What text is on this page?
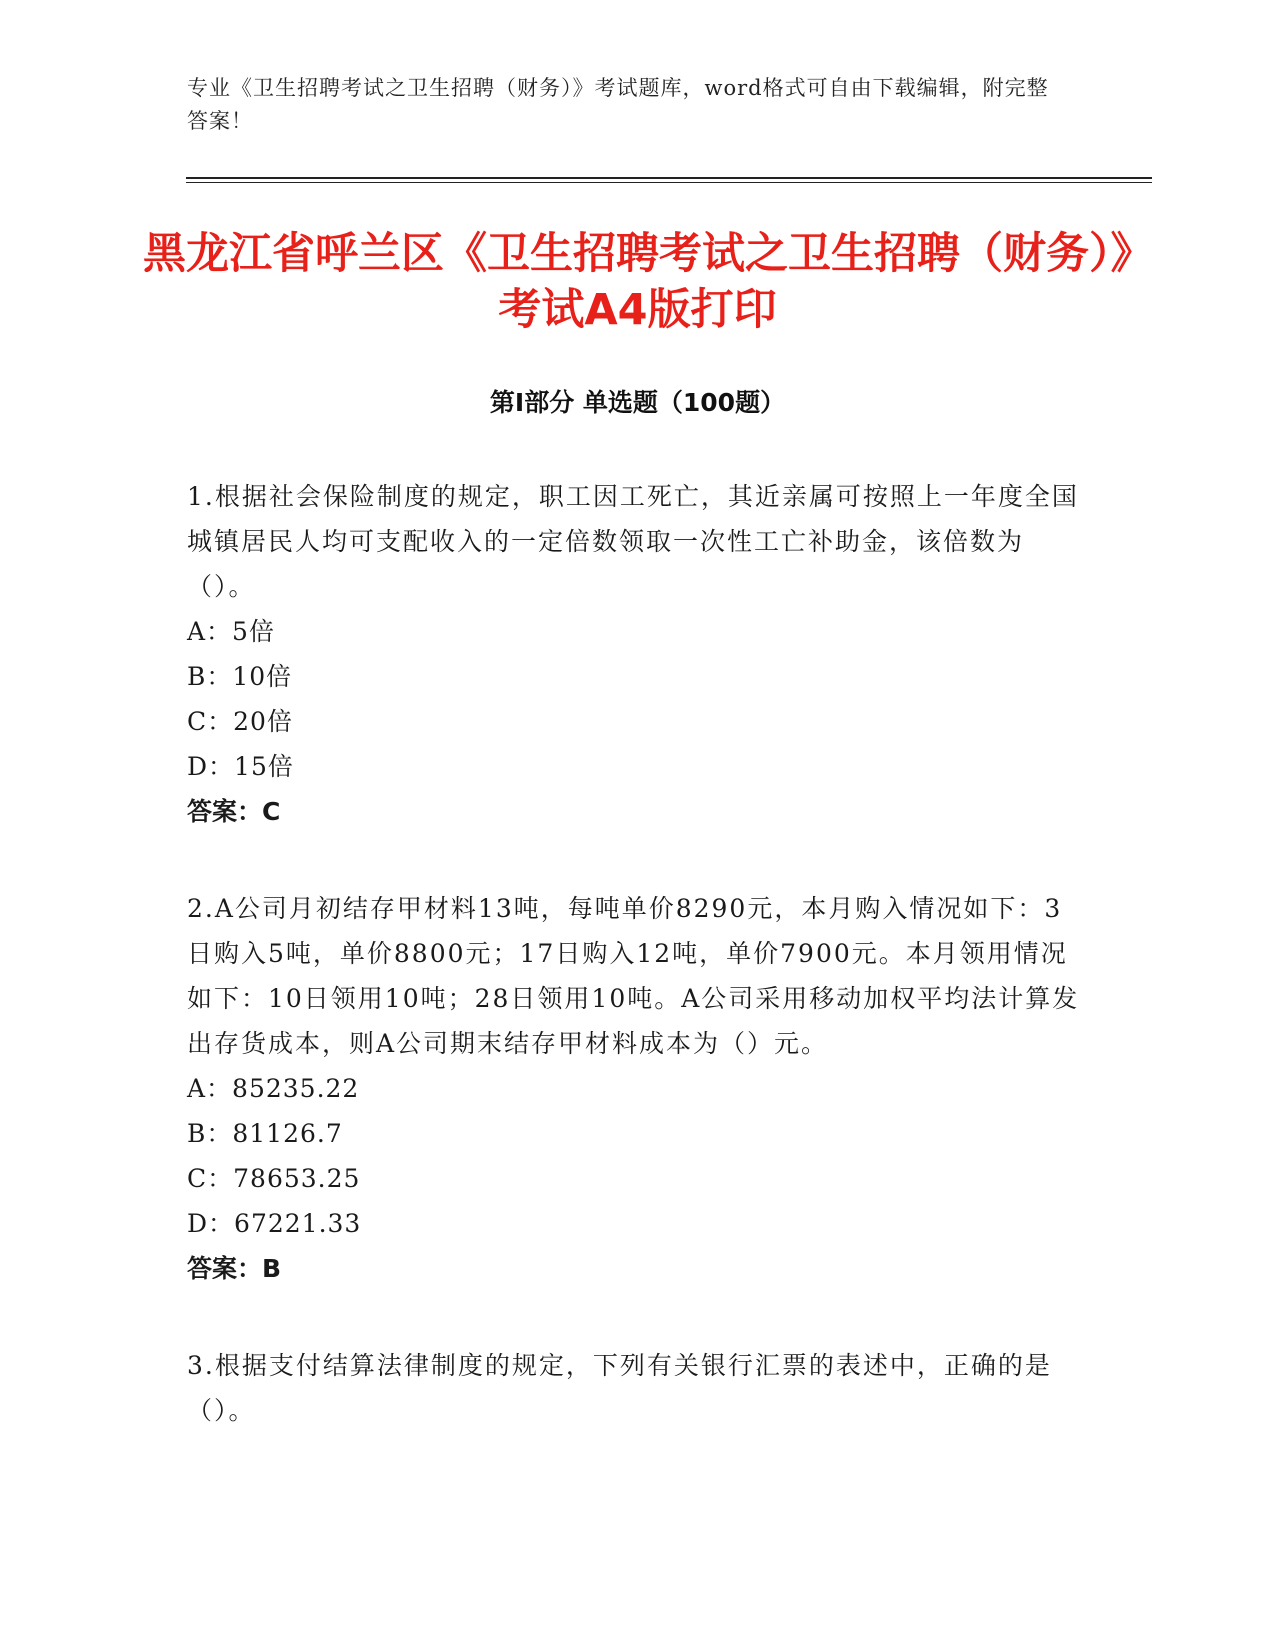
专业《卫生招聘考试之卫生招聘（财务）》考试题库，word格式可自由下载编辑，附完整答案！
黑龙江省呼兰区《卫生招聘考试之卫生招聘（财务）》考试A4版打印
第Ⅰ部分 单选题（100题）

1.根据社会保险制度的规定，职工因工死亡，其近亲属可按照上一年度全国城镇居民人均可支配收入的一定倍数领取一次性工亡补助金，该倍数为（）。

A：5倍

B：10倍

C：20倍

D：15倍

答案：C

2.A公司月初结存甲材料13吨，每吨单价8290元，本月购入情况如下：3日购入5吨，单价8800元；17日购入12吨，单价7900元。本月领用情况如下：10日领用10吨；28日领用10吨。A公司采用移动加权平均法计算发出存货成本，则A公司期末结存甲材料成本为（）元。

A：85235.22

B：81126.7

C：78653.25

D：67221.33

答案：B

3.根据支付结算法律制度的规定，下列有关银行汇票的表述中，正确的是（）。
